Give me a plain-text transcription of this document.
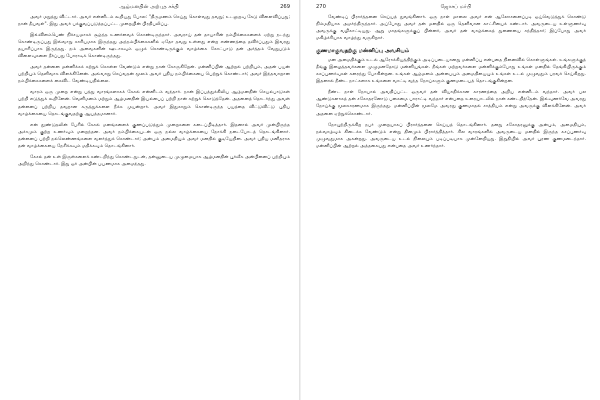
ஆழ்மனதின் அற்புத சக்தி	269

அவர் மறுத்து விட்டார். அவர் என்னிடம் கூறியது போல: "திருமணம் செய்து கொள்வது தவறு; உடலுறவு கேடு விளைவிப்பது; நான் தீயவள்". இது அவர் பக்குவப்படுத்தப்பட்ட முறையின் பிரதிபலிப்பு.

இவ்விளம்பெண் நிச்சயமாகச் சூழ்ந்த உணர்வைக் கொண்டிருந்தார். அவராய் தன் தாயாரின் நம்பிக்கைகளைக் ஏற்று நடந்து கொண்டிருப்பது இவ்வாறு காரியமாக இருந்தது அந்நம்பிக்கைகளில் ஏதோ தவறு உள்ளது என்ற எண்ணத்தை தவிர்ப்பதும் இவரது தயாரிப்பாக இருந்தது. நம் அவைகளின் ஊடாகவும் ஒழுக் கொண்டிருக்கும் வாழ்க்கை கோட்பாடு தன் அர்த்தம் வேறுபடும் விளைவுகளை தீர்ப்பது போராடிக் கொண்டிருந்தது.

அவர் தன்னை மன்னிக்கக் கற்றுக் கொள்ள வேண்டும் என்று நான் கோருகிறேன். மன்னிப்பின் ஆற்றல் பற்றியும், அதன் பயன் பற்றியும் தெளிவாக விளக்கினேன். அவ்வாறு செய்வதன் மூலம் அவர் புதிய நம்பிக்கையை பெற்றுக் கொண்டார்; அவர் இந்தவாறான நம்பிக்கைகளைக் கைவிட வேண்டியதில்லை.

வாரம் ஒரு முறை என்று பத்து வாரங்களாகக் கேசல் என்னிடம் வந்தார். நான் இப்பத்துக்கிலிய ஆழ்மனதின் செயல்பாடுகள் பற்றி எடுத்துக் கூறினேன். வெளிமனம் மற்றும் ஆழ்மனதின் இயல்பைப் பற்றி நான் கற்றுக் கொடுத்தேன். அதனைத் தொடர்ந்து அவள் தன்னைப் பற்றிய தவறான கருத்துக்களை நீக்க முயன்றார். அவர் இதுகாறும் கொண்டிருந்த பயத்தை விட்டுவிட்டு புதிய வாழ்க்கையை தொடங்குவதற்கு ஆயத்தமானார்.

என் தூண்டுதலின் பேரில் கேசல் மனங்களைக் குணப்படுத்தும் முறைகளை கடைப்பிடித்தார். இதனால் அவர் முன்பிருந்த அச்சமும் குற்ற உணர்வும் மறைந்தன. அவர் நம்பிக்கையுடன் ஒரு நல்ல வாழ்க்கையை நோக்கி நடைபோடத் தொடங்கினார். தன்னைப் பற்றி நல்லெண்ணங்களை வளர்த்துக் கொண்டார்; அன்பும் அமைதியும் அவர் மனதில் குடியேறின. அவர் புதிய மனிதராக தன் வாழ்க்கையை நேசிக்கவும் மதிக்கவும் தொடங்கினார்.

கேசல் தன் உள் இருள்களைக் கண்டறிந்து கொண்டதுடன், தன்னுடைய முழுமையாக ஆழ்மனதின் பூர்வீக அன்பினைப் பற்றியும் அறிந்து கொண்டார். இது ஓர் அன்பின் பயணமாக அமைந்தது.

270	ஜோசப் மர்பி

வேண்டிப் பிரார்த்தனை செய்யத் துவங்கினார். ஒரு நாள் மாலை அவர் என் ஆலோசனைப்படி ஓய்வெடுத்துக் கொண்டு நிம்மதியாக அமர்ந்திருந்தார். அப்போது அவர் தன் மனதில் ஒரு தெளிவான காட்சியைக் கண்டார். அவருடைய உள்ளுணர்வு அவருக்கு வழிகாட்டியது. ஆறு மாதங்களுக்குப் பின்னர், அவர் தன் வாழ்க்கைத் துணையை சந்தித்தார்; இப்போது அவர் மகிழ்ச்சியாக வாழ்ந்து வருகிறார்.

குணமாகுவதற்கு மன்னிப்பு அவசியம்

மன அமைதிக்கும் உடல் ஆரோக்கியத்திற்கும் அடிப்படையானது மன்னிப்பு என்பதை நினைவில் கொள்ளுங்கள். உங்களுக்குத் தீங்கு இழைத்தவர்களை முழுமனதோடு மன்னியுங்கள். நீங்கள் மற்றவர்களை மன்னிக்கும்போது உங்கள் மனதில் தேங்கியிருக்கும் கசப்புணர்வுகள் கரைந்து போகின்றன. உங்கள் ஆழ்மனம் அன்பையும் அமைதியையும் உங்கள் உடல் முழுவதும் பரவச் செய்கிறது. இதனால் நீண்ட நாட்களாக உங்களை வாட்டி வந்த நோய்களும் குணமடையத் தொடங்குகின்றன.

நீண்ட நாள் நோயால் அவதிப்பட்ட ஒருவர் தன் வியாதிக்கான காரணத்தை அறிய என்னிடம் வந்தார். அவர் பல ஆண்டுகளாகத் தன் சகோதரனோடு பகைமை பாராட்டி வந்தார் என்பதை உரையாடலில் நான் கண்டறிந்தேன். இவ்வுணர்வே அவரது நோய்க்கு மூலகாரணமாக இருந்தது. மன்னிப்பின் மூலமே அவரது குணமாதல் சாத்தியம் என்று அவருக்கு விளக்கினேன். அவர் அதனை ஏற்றுக்கொண்டார்.

நோயுற்றிருக்கிற நபர் முறையாகப் பிரார்த்தனை செய்யத் தொடங்கினார். தனது சகோதரனுக்கு அன்பும், அமைதியும், நல்வாழ்வும் கிடைக்க வேண்டும் என்று தினமும் பிரார்த்தித்தார். சில வாரங்களில் அவருடைய மனதில் இருந்த கசப்புணர்வு முழுவதுமாக அகன்றது. அவருடைய உடல் நிலையும் படிப்படியாக முன்னேறியது. இறுதியில் அவர் பூரண குணமடைந்தார். மன்னிப்பின் ஆற்றல் அத்தகையது என்பதை அவர் உணர்ந்தார்.
